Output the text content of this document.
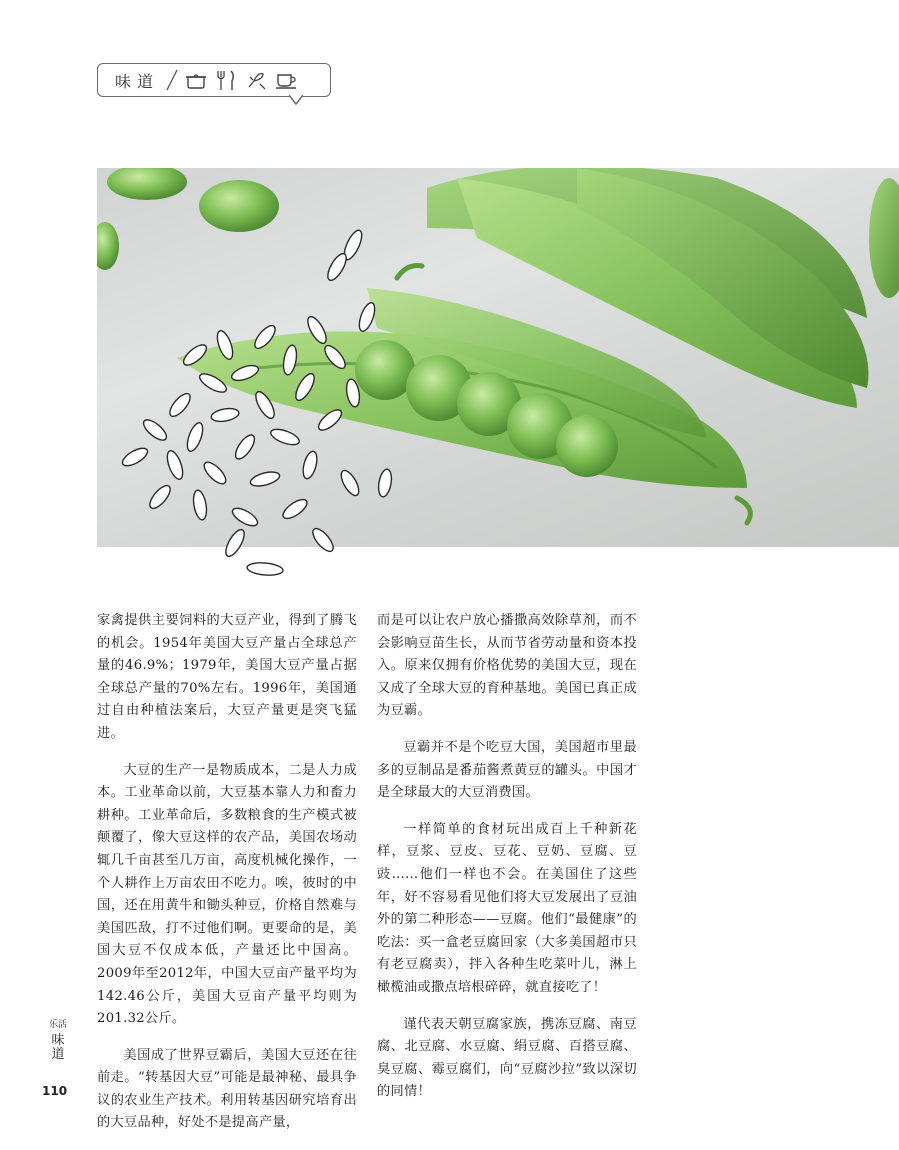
味道

家禽提供主要饲料的大豆产业，得到了腾飞的机会。1954年美国大豆产量占全球总产量的46.9%；1979年，美国大豆产量占据全球总产量的70%左右。1996年，美国通过自由种植法案后，大豆产量更是突飞猛进。

大豆的生产一是物质成本，二是人力成本。工业革命以前，大豆基本靠人力和畜力耕种。工业革命后，多数粮食的生产模式被颠覆了，像大豆这样的农产品，美国农场动辄几千亩甚至几万亩，高度机械化操作，一个人耕作上万亩农田不吃力。唉，彼时的中国，还在用黄牛和锄头种豆，价格自然难与美国匹敌，打不过他们啊。更要命的是，美国大豆不仅成本低，产量还比中国高。2009年至2012年，中国大豆亩产量平均为142.46公斤，美国大豆亩产量平均则为201.32公斤。

美国成了世界豆霸后，美国大豆还在往前走。“转基因大豆”可能是最神秘、最具争议的农业生产技术。利用转基因研究培育出的大豆品种，好处不是提高产量，

而是可以让农户放心播撒高效除草剂，而不会影响豆苗生长，从而节省劳动量和资本投入。原来仅拥有价格优势的美国大豆，现在又成了全球大豆的育种基地。美国已真正成为豆霸。

豆霸并不是个吃豆大国，美国超市里最多的豆制品是番茄酱煮黄豆的罐头。中国才是全球最大的大豆消费国。

一样简单的食材玩出成百上千种新花样，豆浆、豆皮、豆花、豆奶、豆腐、豆豉……他们一样也不会。在美国住了这些年，好不容易看见他们将大豆发展出了豆油外的第二种形态——豆腐。他们“最健康”的吃法：买一盒老豆腐回家（大多美国超市只有老豆腐卖），拌入各种生吃菜叶儿，淋上橄榄油或撒点培根碎碎，就直接吃了！

谨代表天朝豆腐家族，携冻豆腐、南豆腐、北豆腐、水豆腐、绢豆腐、百搭豆腐、臭豆腐、霉豆腐们，向“豆腐沙拉”致以深切的同情！

乐活
味道
110
